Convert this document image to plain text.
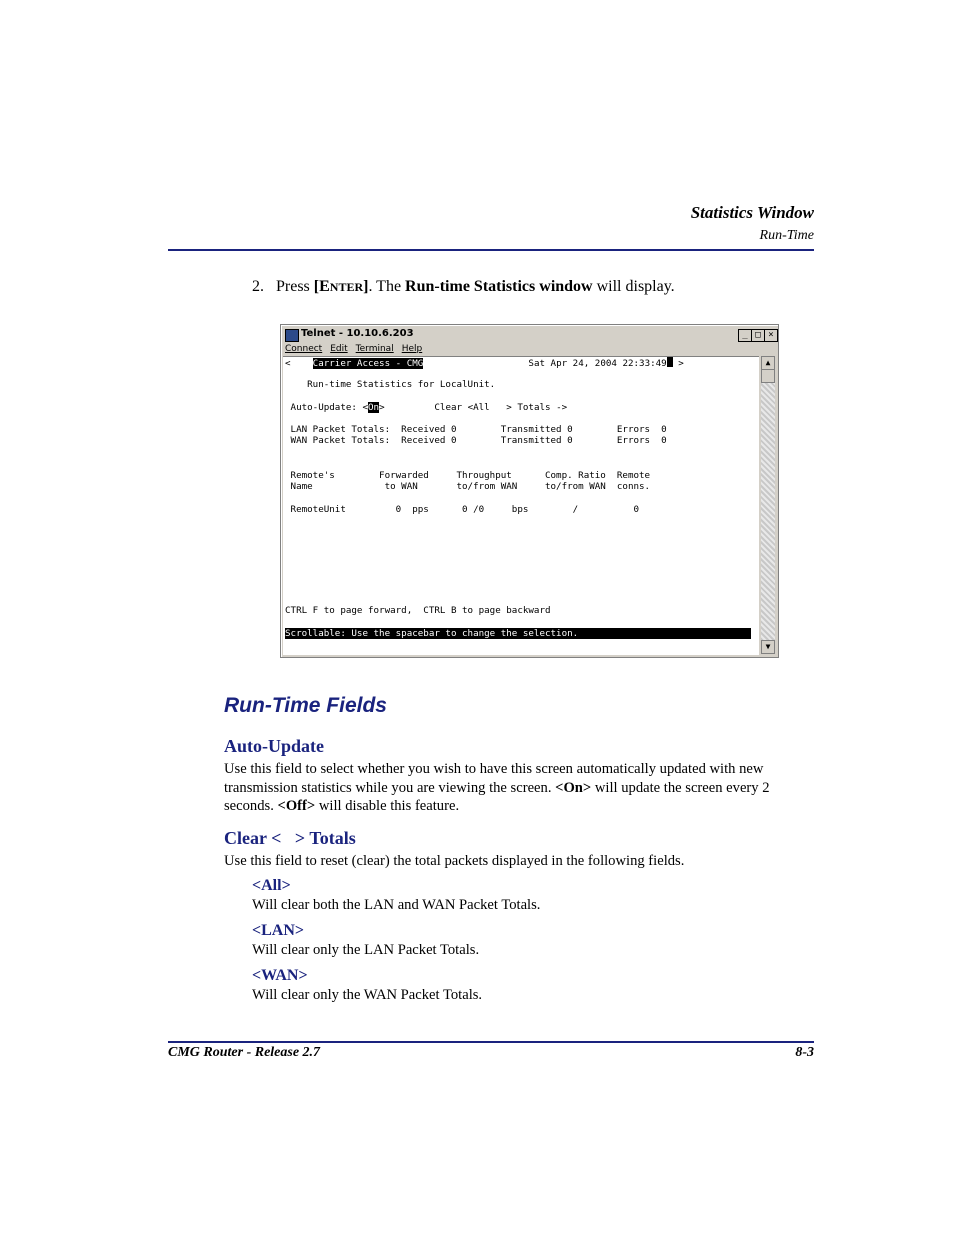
Statistics Window
Run-Time
2. Press [ENTER]. The Run-time Statistics window will display.
Telnet - 10.10.6.203	_ □ ×
Connect Edit Terminal Help
<    Carrier Access - CMG                   Sat Apr 24, 2004 22:33:49 >
Run-time Statistics for LocalUnit.
Auto-Update: <On>         Clear <All   > Totals ->
LAN Packet Totals:  Received 0        Transmitted 0        Errors  0
WAN Packet Totals:  Received 0        Transmitted 0        Errors  0
Remote's        Forwarded     Throughput      Comp. Ratio  Remote
Name             to WAN       to/from WAN     to/from WAN  conns.
RemoteUnit         0  pps      0 /0     bps        /          0
CTRL F to page forward,  CTRL B to page backward
Scrollable: Use the spacebar to change the selection.
▲
▼
Run-Time Fields
Auto-Update
Use this field to select whether you wish to have this screen automatically updated with new
transmission statistics while you are viewing the screen. <On> will update the screen every 2
seconds. <Off> will disable this feature.
Clear <   > Totals
Use this field to reset (clear) the total packets displayed in the following fields.
<All>
Will clear both the LAN and WAN Packet Totals.
<LAN>
Will clear only the LAN Packet Totals.
<WAN>
Will clear only the WAN Packet Totals.
CMG Router - Release 2.7	8-3
